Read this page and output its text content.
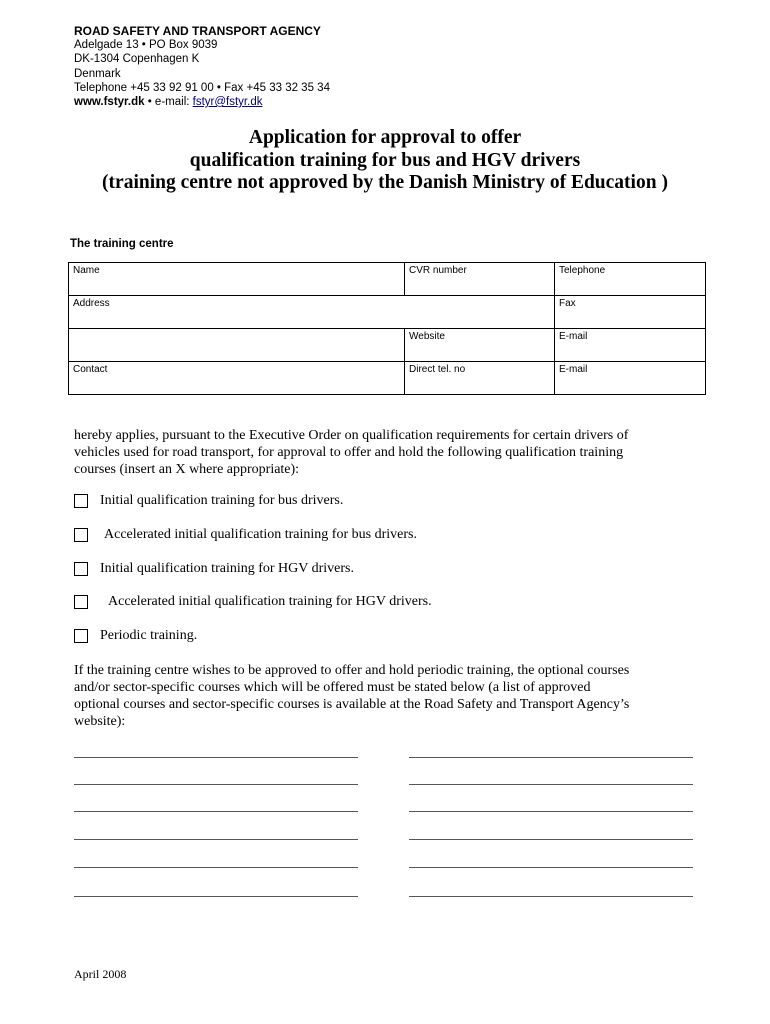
ROAD SAFETY AND TRANSPORT AGENCY
Adelgade 13 • PO Box 9039
DK-1304 Copenhagen K
Denmark
Telephone +45 33 92 91 00 • Fax +45 33 32 35 34
www.fstyr.dk • e-mail: fstyr@fstyr.dk
Application for approval to offer
qualification training for bus and HGV drivers
(training centre not approved by the Danish Ministry of Education )
The training centre
Name	CVR number	Telephone
Address		Fax
	Website	E-mail
Contact	Direct tel. no	E-mail
hereby applies, pursuant to the Executive Order on qualification requirements for certain drivers of
vehicles used for road transport, for approval to offer and hold the following qualification training
courses (insert an X where appropriate):
Initial qualification training for bus drivers.
Accelerated initial qualification training for bus drivers.
Initial qualification training for HGV drivers.
Accelerated initial qualification training for HGV drivers.
Periodic training.
If the training centre wishes to be approved to offer and hold periodic training, the optional courses
and/or sector-specific courses which will be offered must be stated below (a list of approved
optional courses and sector-specific courses is available at the Road Safety and Transport Agency’s
website):
April 2008
